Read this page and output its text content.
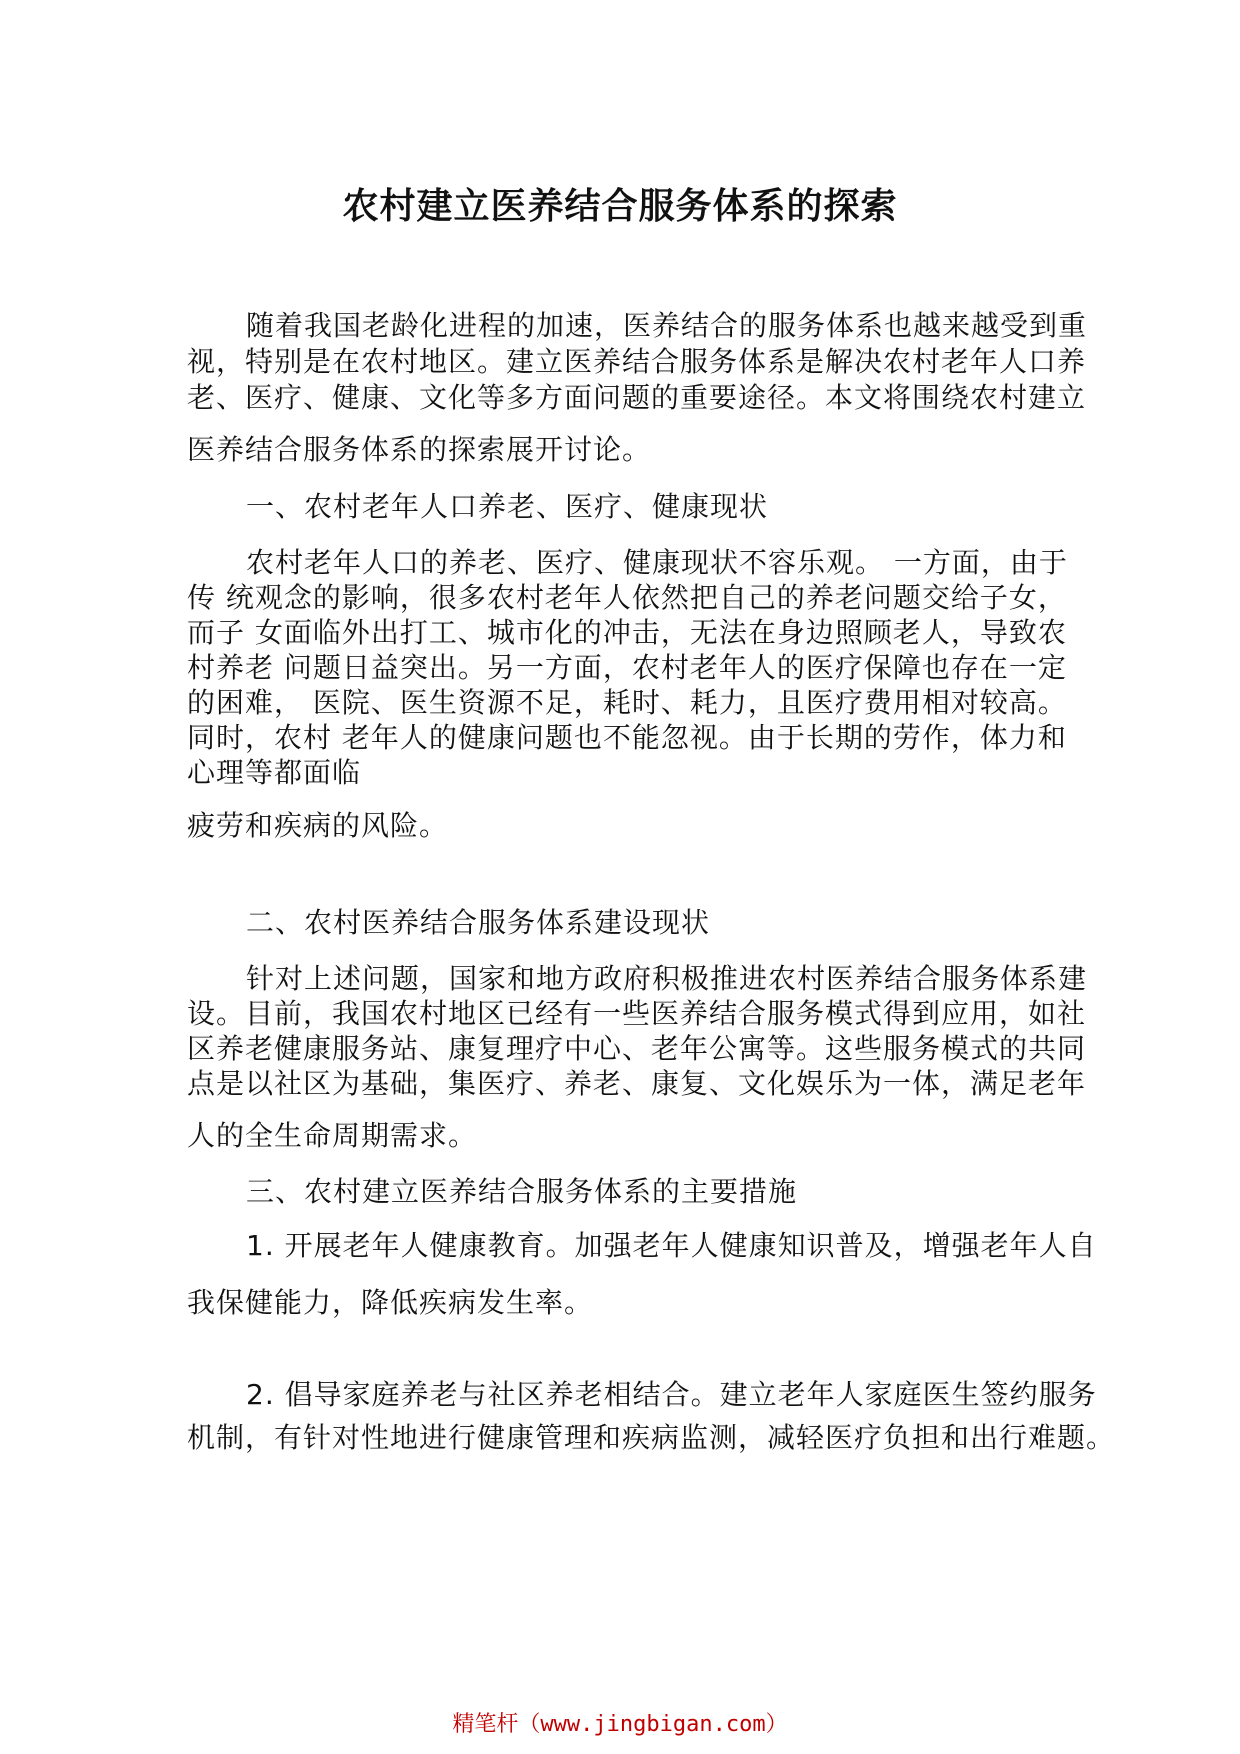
农村建立医养结合服务体系的探索
随着我国老龄化进程的加速，医养结合的服务体系也越来越受到重
视，特别是在农村地区。建立医养结合服务体系是解决农村老年人口养
老、医疗、健康、文化等多方面问题的重要途径。本文将围绕农村建立
医养结合服务体系的探索展开讨论。
一、农村老年人口养老、医疗、健康现状
农村老年人口的养老、医疗、健康现状不容乐观。 一方面，由于
传 统观念的影响，很多农村老年人依然把自己的养老问题交给子女，
而子 女面临外出打工、城市化的冲击，无法在身边照顾老人，导致农
村养老 问题日益突出。另一方面，农村老年人的医疗保障也存在一定
的困难， 医院、医生资源不足，耗时、耗力，且医疗费用相对较高。
同时，农村 老年人的健康问题也不能忽视。由于长期的劳作，体力和
心理等都面临
疲劳和疾病的风险。
二、农村医养结合服务体系建设现状
针对上述问题，国家和地方政府积极推进农村医养结合服务体系建
设。目前，我国农村地区已经有一些医养结合服务模式得到应用，如社
区养老健康服务站、康复理疗中心、老年公寓等。这些服务模式的共同
点是以社区为基础，集医疗、养老、康复、文化娱乐为一体，满足老年
人的全生命周期需求。
三、农村建立医养结合服务体系的主要措施
1. 开展老年人健康教育。加强老年人健康知识普及，增强老年人自
我保健能力，降低疾病发生率。
2. 倡导家庭养老与社区养老相结合。建立老年人家庭医生签约服务
机制，有针对性地进行健康管理和疾病监测，减轻医疗负担和出行难题。
精笔杆（www.jingbigan.com）
